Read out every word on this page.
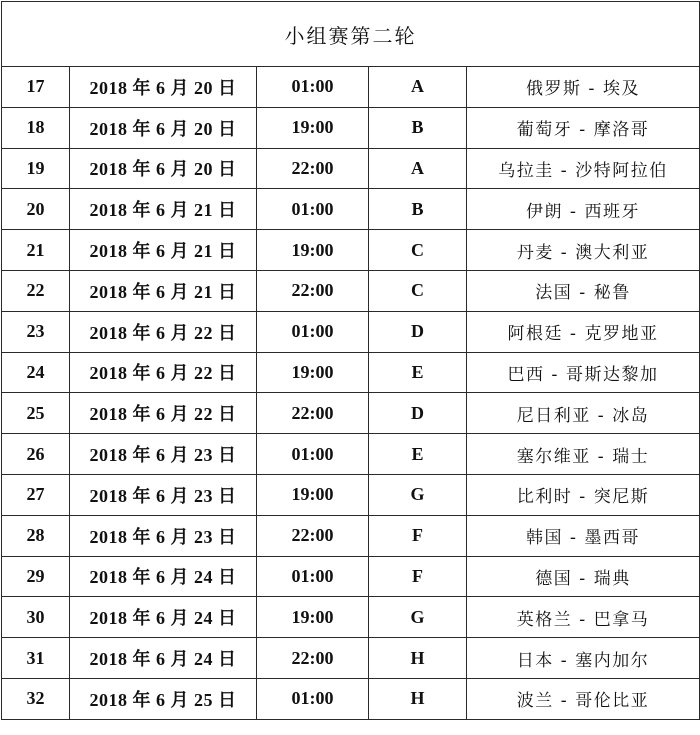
小组赛第二轮				
17	2018 年 6 月 20 日	01:00	A	俄罗斯 - 埃及
18	2018 年 6 月 20 日	19:00	B	葡萄牙 - 摩洛哥
19	2018 年 6 月 20 日	22:00	A	乌拉圭 - 沙特阿拉伯
20	2018 年 6 月 21 日	01:00	B	伊朗 - 西班牙
21	2018 年 6 月 21 日	19:00	C	丹麦 - 澳大利亚
22	2018 年 6 月 21 日	22:00	C	法国 - 秘鲁
23	2018 年 6 月 22 日	01:00	D	阿根廷 - 克罗地亚
24	2018 年 6 月 22 日	19:00	E	巴西 - 哥斯达黎加
25	2018 年 6 月 22 日	22:00	D	尼日利亚 - 冰岛
26	2018 年 6 月 23 日	01:00	E	塞尔维亚 - 瑞士
27	2018 年 6 月 23 日	19:00	G	比利时 - 突尼斯
28	2018 年 6 月 23 日	22:00	F	韩国 - 墨西哥
29	2018 年 6 月 24 日	01:00	F	德国 - 瑞典
30	2018 年 6 月 24 日	19:00	G	英格兰 - 巴拿马
31	2018 年 6 月 24 日	22:00	H	日本 - 塞内加尔
32	2018 年 6 月 25 日	01:00	H	波兰 - 哥伦比亚
